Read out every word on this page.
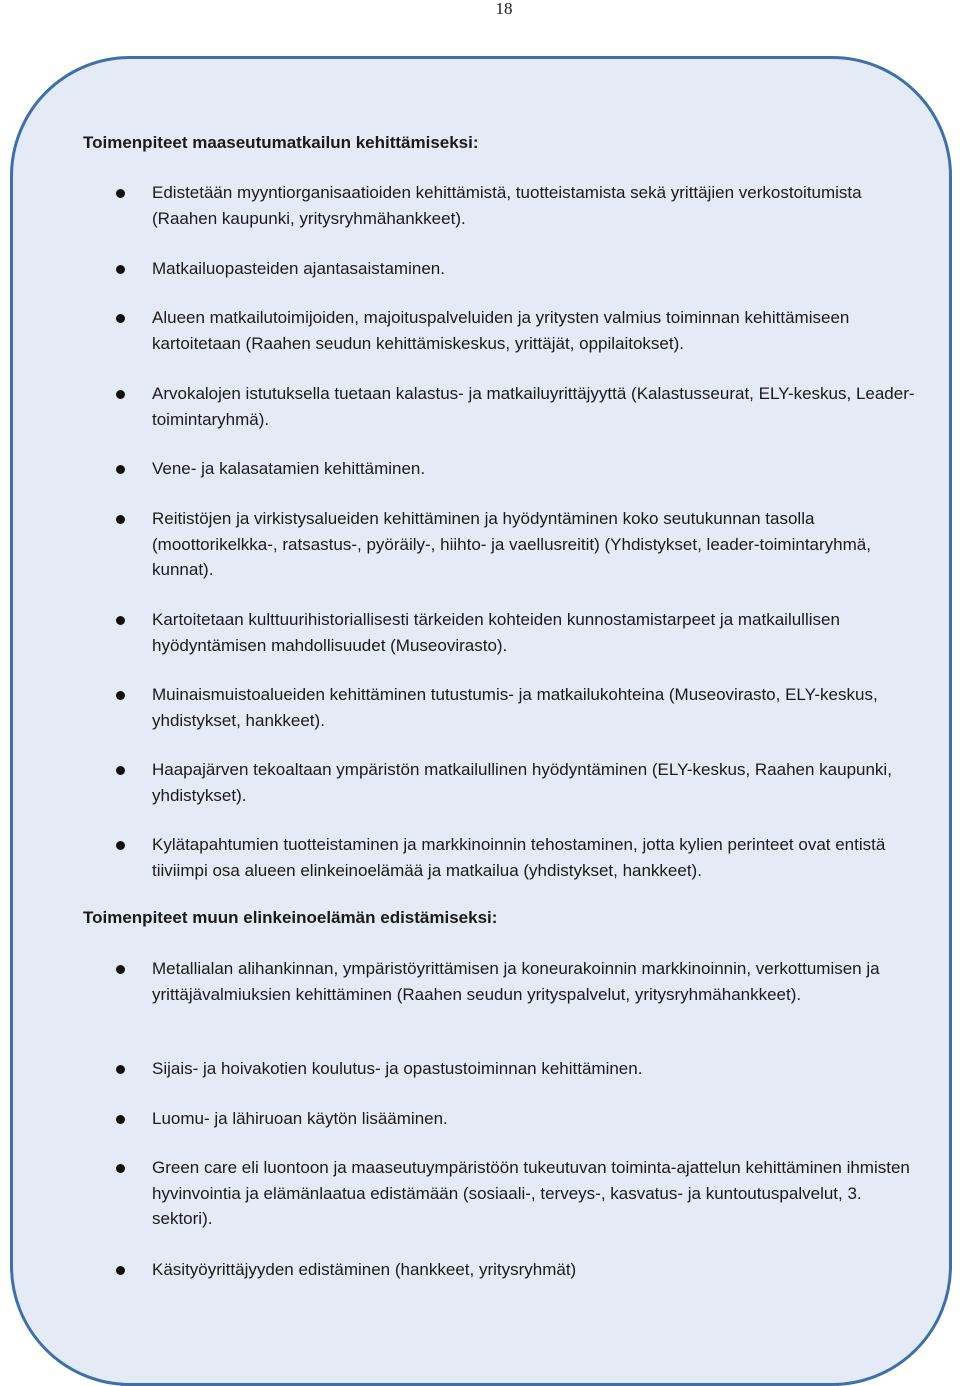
18
Toimenpiteet maaseutumatkailun kehittämiseksi:

Edistetään myyntiorganisaatioiden kehittämistä, tuotteistamista sekä yrittäjien verkostoitumista (Raahen kaupunki, yritysryhmähankkeet).

Matkailuopasteiden ajantasaistaminen.

Alueen matkailutoimijoiden, majoituspalveluiden ja yritysten valmius toiminnan kehittämiseen kartoitetaan (Raahen seudun kehittämiskeskus, yrittäjät, oppilaitokset).

Arvokalojen istutuksella tuetaan kalastus- ja matkailuyrittäjyyttä (Kalastusseurat, ELY-keskus, Leader-toimintaryhmä).

Vene- ja kalasatamien kehittäminen.

Reitistöjen ja virkistysalueiden kehittäminen ja hyödyntäminen koko seutukunnan tasolla (moottorikelkka-, ratsastus-, pyöräily-, hiihto- ja vaellusreitit) (Yhdistykset, leader-toimintaryhmä, kunnat).

Kartoitetaan kulttuurihistoriallisesti tärkeiden kohteiden kunnostamistarpeet ja matkailullisen hyödyntämisen mahdollisuudet (Museovirasto).

Muinaismuistoalueiden kehittäminen tutustumis- ja matkailukohteina (Museovirasto, ELY-keskus, yhdistykset, hankkeet).

Haapajärven tekoaltaan ympäristön matkailullinen hyödyntäminen (ELY-keskus, Raahen kaupunki, yhdistykset).

Kylätapahtumien tuotteistaminen ja markkinoinnin tehostaminen, jotta kylien perinteet ovat entistä tiiviimpi osa alueen elinkeinoelämää ja matkailua (yhdistykset, hankkeet).

Toimenpiteet muun elinkeinoelämän edistämiseksi:

Metallialan alihankinnan, ympäristöyrittämisen ja koneurakoinnin markkinoinnin, verkottumisen ja yrittäjävalmiuksien kehittäminen (Raahen seudun yrityspalvelut, yritysryhmähankkeet).

Sijais- ja hoivakotien koulutus- ja opastustoiminnan kehittäminen.

Luomu- ja lähiruoan käytön lisääminen.

Green care eli luontoon ja maaseutuympäristöön tukeutuvan toiminta-ajattelun kehittäminen ihmisten hyvinvointia ja elämänlaatua edistämään (sosiaali-, terveys-, kasvatus- ja kuntoutuspalvelut, 3. sektori).

Käsityöyrittäjyyden edistäminen (hankkeet, yritysryhmät)
